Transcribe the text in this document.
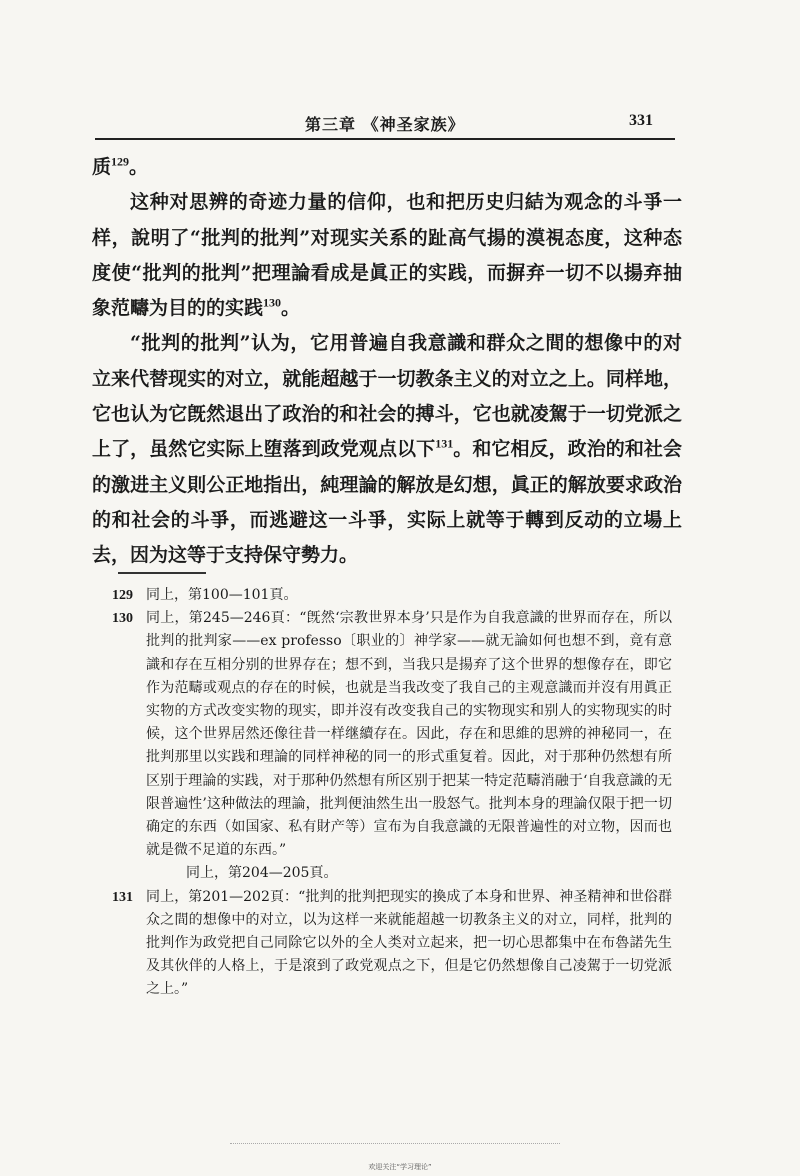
第三章 《神圣家族》	331

质$^{129}$。

这种对思辨的奇迹力量的信仰，也和把历史归結为观念的斗爭一样，說明了“批判的批判”对现实关系的趾高气揚的漠視态度，这种态度使“批判的批判”把理論看成是眞正的实践，而摒弃一切不以揚弃抽象范疇为目的的实践$^{130}$。

“批判的批判”认为，它用普遍自我意識和群众之間的想像中的对立来代替现实的对立，就能超越于一切教条主义的对立之上。同样地，它也认为它旣然退出了政治的和社会的搏斗，它也就凌駕于一切党派之上了，虽然它实际上堕落到政党观点以下$^{131}$。和它相反，政治的和社会的激进主义則公正地指出，純理論的解放是幻想，眞正的解放要求政治的和社会的斗爭，而逃避这一斗爭，实际上就等于轉到反动的立場上去，因为这等于支持保守勢力。

129 同上，第100—101頁。
130 同上，第245—246頁：“旣然‘宗教世界本身’只是作为自我意識的世界而存在，所以批判的批判家——ex professo〔职业的〕神学家——就无論如何也想不到，竟有意識和存在互相分别的世界存在；想不到，当我只是揚弃了这个世界的想像存在，即它作为范疇或观点的存在的时候，也就是当我改变了我自己的主观意識而并沒有用眞正实物的方式改变实物的现实，即并沒有改变我自己的实物现实和别人的实物现实的时候，这个世界居然还像往昔一样继續存在。因此，存在和思維的思辨的神秘同一，在批判那里以实践和理論的同样神秘的同一的形式重复着。因此，对于那种仍然想有所区别于理論的实践，对于那种仍然想有所区别于把某一特定范疇消融于‘自我意識的无限普遍性’这种做法的理論，批判便油然生出一股怒气。批判本身的理論仅限于把一切确定的东西（如国家、私有財产等）宣布为自我意識的无限普遍性的对立物，因而也就是微不足道的东西。”
同上，第204—205頁。
131 同上，第201—202頁：“批判的批判把现实的換成了本身和世界、神圣精神和世俗群众之間的想像中的对立，以为这样一来就能超越一切教条主义的对立，同样，批判的批判作为政党把自己同除它以外的全人类对立起来，把一切心思都集中在布魯諾先生及其伙伴的人格上，于是滾到了政党观点之下，但是它仍然想像自己凌駕于一切党派之上。”
欢迎关注“学习理论”
